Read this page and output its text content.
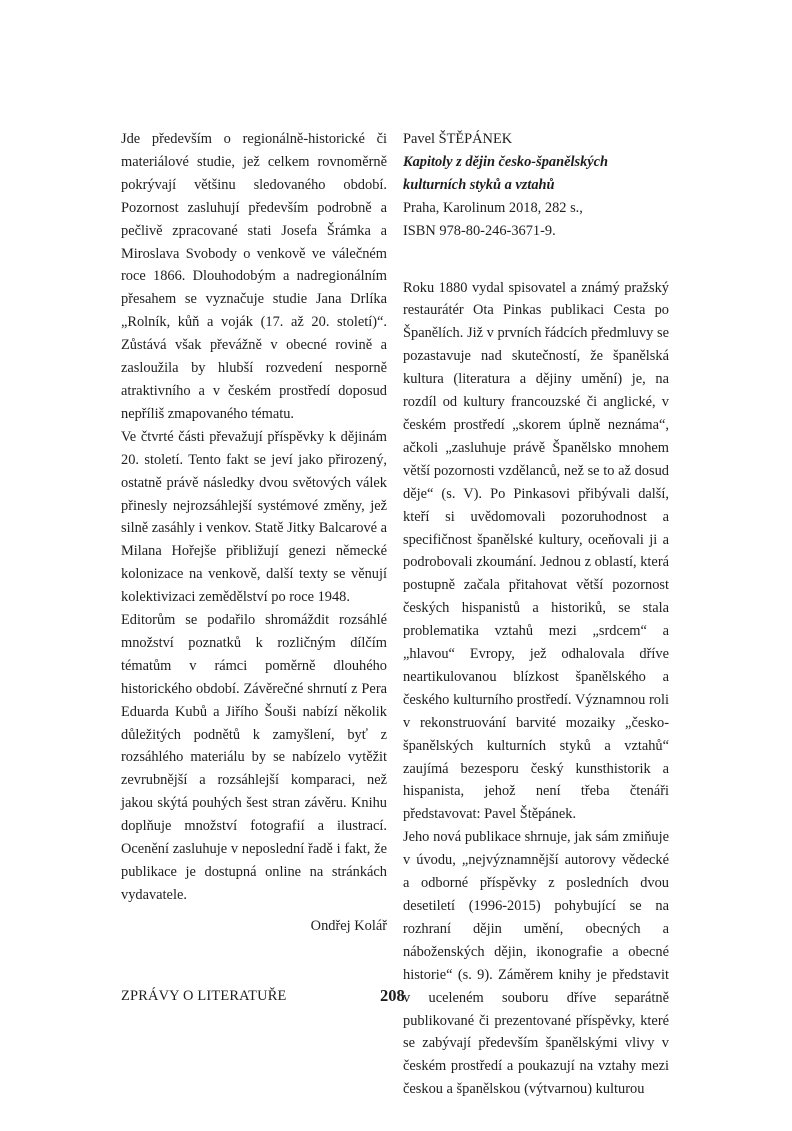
Jde především o regionálně-historické či materiálové studie, jež celkem rovnoměrně pokrývají většinu sledovaného období. Pozornost zasluhují především podrobně a pečlivě zpracované stati Josefa Šrámka a Miroslava Svobody o venkově ve válečném roce 1866. Dlouhodobým a nadregionálním přesahem se vyznačuje studie Jana Drlíka „Rolník, kůň a voják (17. až 20. století)“. Zůstává však převážně v obecné rovině a zasloužila by hlubší rozvedení nesporně atraktivního a v českém prostředí doposud nepříliš zmapovaného tématu.

Ve čtvrté části převažují příspěvky k dějinám 20. století. Tento fakt se jeví jako přirozený, ostatně právě následky dvou světových válek přinesly nejrozsáhlejší systémové změny, jež silně zasáhly i venkov. Statě Jitky Balcarové a Milana Hořejše přibližují genezi německé kolonizace na venkově, další texty se věnují kolektivizaci zemědělství po roce 1948.

Editorům se podařilo shromáždit rozsáhlé množství poznatků k rozličným dílčím tématům v rámci poměrně dlouhého historického období. Závěrečné shrnutí z Pera Eduarda Kubů a Jiřího Šouši nabízí několik důležitých podnětů k zamyšlení, byť z rozsáhlého materiálu by se nabízelo vytěžit zevrubnější a rozsáhlejší komparaci, než jakou skýtá pouhých šest stran závěru. Knihu doplňuje množství fotografií a ilustrací. Ocenění zasluhuje v neposlední řadě i fakt, že publikace je dostupná online na stránkách vydavatele.

Ondřej Kolář

Pavel ŠTĚPÁNEK
Kapitoly z dějin česko-španělských
kulturních styků a vztahů
Praha, Karolinum 2018, 282 s.,
ISBN 978-80-246-3671-9.

Roku 1880 vydal spisovatel a známý pražský restaurátér Ota Pinkas publikaci Cesta po Španělích. Již v prvních řádcích předmluvy se pozastavuje nad skutečností, že španělská kultura (literatura a dějiny umění) je, na rozdíl od kultury francouzské či anglické, v českém prostředí „skorem úplně neznáma“, ačkoli „zasluhuje právě Španělsko mnohem větší pozornosti vzdělanců, než se to až dosud děje“ (s. V). Po Pinkasovi přibývali další, kteří si uvědomovali pozoruhodnost a specifičnost španělské kultury, oceňovali ji a podrobovali zkoumání. Jednou z oblastí, která postupně začala přitahovat větší pozornost českých hispanistů a historiků, se stala problematika vztahů mezi „srdcem“ a „hlavou“ Evropy, jež odhalovala dříve neartikulovanou blízkost španělského a českého kulturního prostředí. Významnou roli v rekonstruování barvité mozaiky „česko-španělských kulturních styků a vztahů“ zaujímá bezesporu český kunsthistorik a hispanista, jehož není třeba čtenáři představovat: Pavel Štěpánek.

Jeho nová publikace shrnuje, jak sám zmiňuje v úvodu, „nejvýznamnější autorovy vědecké a odborné příspěvky z posledních dvou desetiletí (1996-2015) pohybující se na rozhraní dějin umění, obecných a náboženských dějin, ikonografie a obecné historie“ (s. 9). Záměrem knihy je představit v uceleném souboru dříve separátně publikované či prezentované příspěvky, které se zabývají především španělskými vlivy v českém prostředí a poukazují na vztahy mezi českou a španělskou (výtvarnou) kulturou

ZPRÁVY O LITERATUŘE	208
